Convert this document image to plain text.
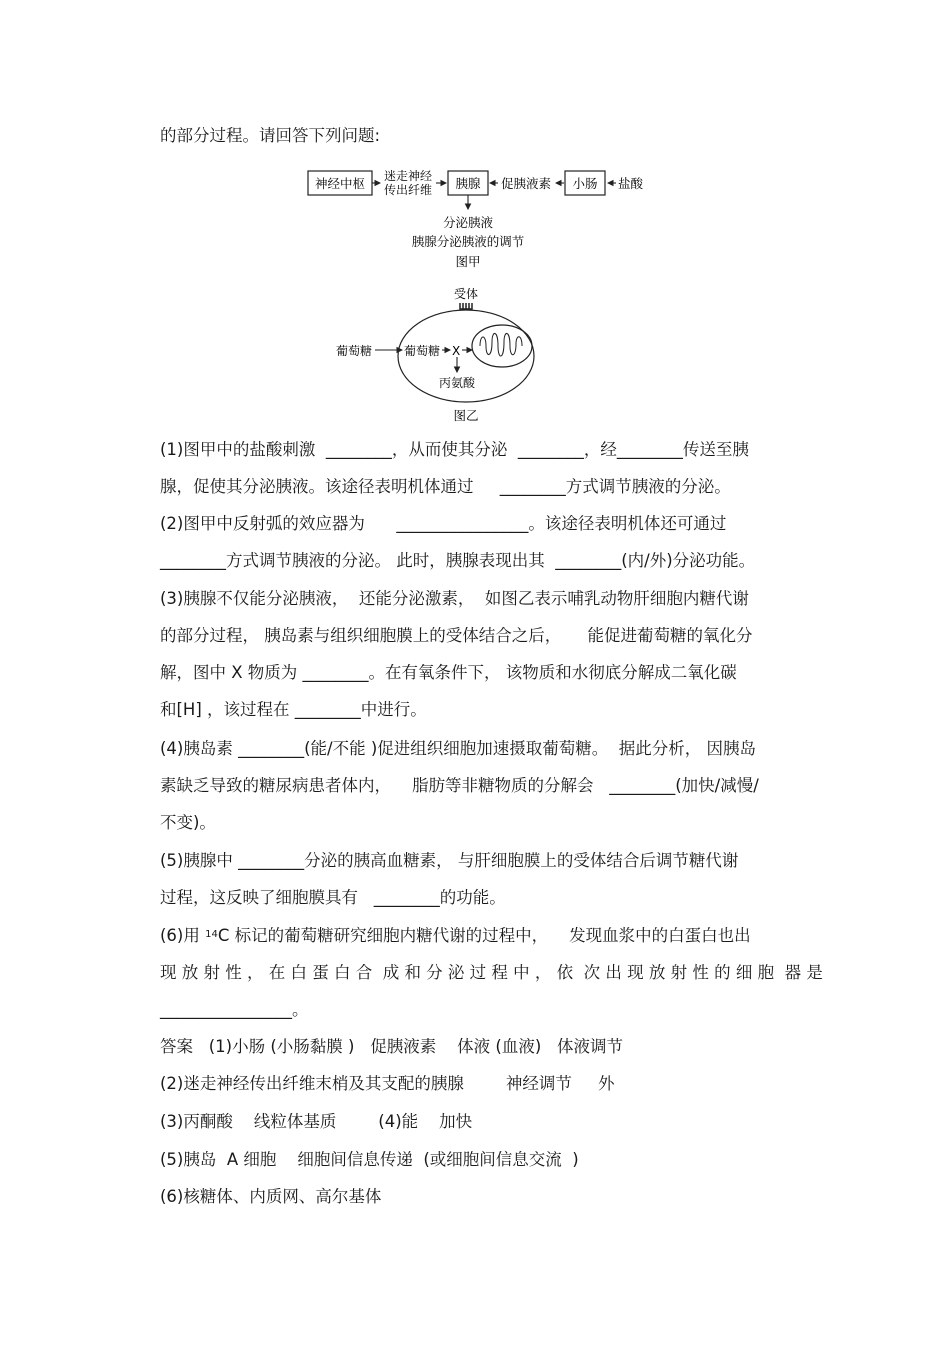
的部分过程。请回答下列问题:
神经中枢 迷走神经
传出纤维 胰腺 促胰液素 小肠 盐酸
分泌胰液
胰腺分泌胰液的调节
图甲
受体
葡萄糖	葡萄糖 X
丙氨酸
图乙
(1)图甲中的盐酸刺激  ________，从而使其分泌  ________，经________传送至胰
腺，促使其分泌胰液。该途径表明机体通过     ________方式调节胰液的分泌。
(2)图甲中反射弧的效应器为      ________________。该途径表明机体还可通过
________方式调节胰液的分泌。 此时，胰腺表现出其  ________(内/外)分泌功能。
(3)胰腺不仅能分泌胰液，  还能分泌激素，  如图乙表示哺乳动物肝细胞内糖代谢
的部分过程， 胰岛素与组织细胞膜上的受体结合之后，     能促进葡萄糖的氧化分
解，图中 X 物质为 ________。在有氧条件下， 该物质和水彻底分解成二氧化碳
和[H] ，该过程在 ________中进行。
(4)胰岛素 ________(能/不能 )促进组织细胞加速摄取葡萄糖。  据此分析， 因胰岛
素缺乏导致的糖尿病患者体内，    脂肪等非糖物质的分解会   ________(加快/减慢/
不变)。
(5)胰腺中 ________分泌的胰高血糖素， 与肝细胞膜上的受体结合后调节糖代谢
过程，这反映了细胞膜具有   ________的功能。
(6)用 $^{14}$C 标记的葡萄糖研究细胞内糖代谢的过程中，    发现血浆中的白蛋白也出
现 放 射 性 ， 在 白 蛋 白 合  成 和 分 泌 过 程 中 ， 依  次 出 现 放 射 性 的 细 胞  器 是
________________。
答案   (1)小肠 (小肠黏膜 )   促胰液素    体液 (血液)   体液调节
(2)迷走神经传出纤维末梢及其支配的胰腺        神经调节     外
(3)丙酮酸    线粒体基质        (4)能    加快
(5)胰岛  A 细胞    细胞间信息传递  (或细胞间信息交流  )
(6)核糖体、内质网、高尔基体
